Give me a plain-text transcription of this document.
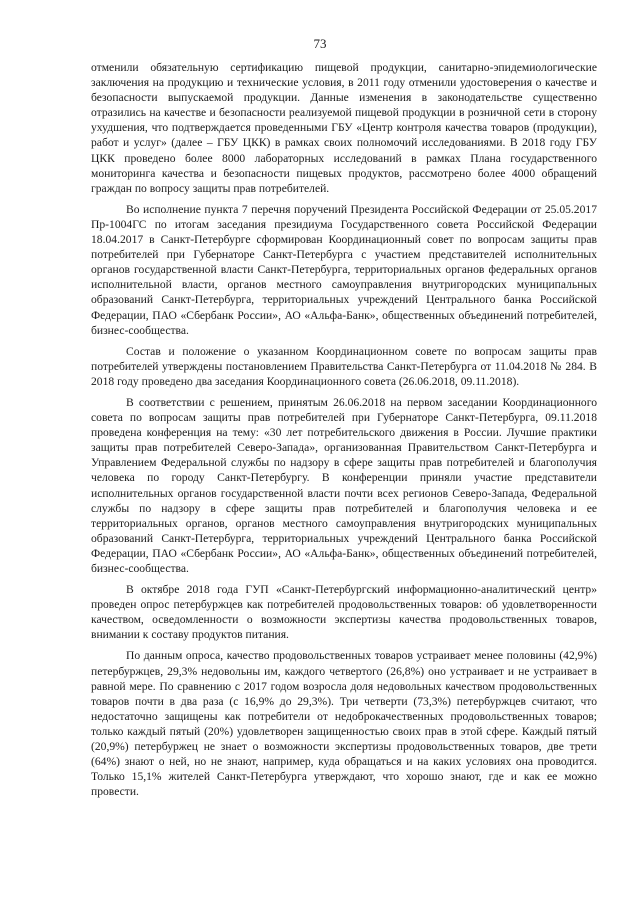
73

отменили обязательную сертификацию пищевой продукции, санитарно-эпидемиологические заключения на продукцию и технические условия, в 2011 году отменили удостоверения о качестве и безопасности выпускаемой продукции. Данные изменения в законодательстве существенно отразились на качестве и безопасности реализуемой пищевой продукции в розничной сети в сторону ухудшения, что подтверждается проведенными ГБУ «Центр контроля качества товаров (продукции), работ и услуг» (далее – ГБУ ЦКК) в рамках своих полномочий исследованиями. В 2018 году ГБУ ЦКК проведено более 8000 лабораторных исследований в рамках Плана государственного мониторинга качества и безопасности пищевых продуктов, рассмотрено более 4000 обращений граждан по вопросу защиты прав потребителей.

Во исполнение пункта 7 перечня поручений Президента Российской Федерации от 25.05.2017 Пр-1004ГС по итогам заседания президиума Государственного совета Российской Федерации 18.04.2017 в Санкт-Петербурге сформирован Координационный совет по вопросам защиты прав потребителей при Губернаторе Санкт-Петербурга с участием представителей исполнительных органов государственной власти Санкт-Петербурга, территориальных органов федеральных органов исполнительной власти, органов местного самоуправления внутригородских муниципальных образований Санкт-Петербурга, территориальных учреждений Центрального банка Российской Федерации, ПАО «Сбербанк России», АО «Альфа-Банк», общественных объединений потребителей, бизнес-сообщества.

Состав и положение о указанном Координационном совете по вопросам защиты прав потребителей утверждены постановлением Правительства Санкт-Петербурга от 11.04.2018 № 284. В 2018 году проведено два заседания Координационного совета (26.06.2018, 09.11.2018).

В соответствии с решением, принятым 26.06.2018 на первом заседании Координационного совета по вопросам защиты прав потребителей при Губернаторе Санкт-Петербурга, 09.11.2018 проведена конференция на тему: «30 лет потребительского движения в России. Лучшие практики защиты прав потребителей Северо-Запада», организованная Правительством Санкт-Петербурга и Управлением Федеральной службы по надзору в сфере защиты прав потребителей и благополучия человека по городу Санкт-Петербургу. В конференции приняли участие представители исполнительных органов государственной власти почти всех регионов Северо-Запада, Федеральной службы по надзору в сфере защиты прав потребителей и благополучия человека и ее территориальных органов, органов местного самоуправления внутригородских муниципальных образований Санкт-Петербурга, территориальных учреждений Центрального банка Российской Федерации, ПАО «Сбербанк России», АО «Альфа-Банк», общественных объединений потребителей, бизнес-сообщества.

В октябре 2018 года ГУП «Санкт-Петербургский информационно-аналитический центр» проведен опрос петербуржцев как потребителей продовольственных товаров: об удовлетворенности качеством, осведомленности о возможности экспертизы качества продовольственных товаров, внимании к составу продуктов питания.

По данным опроса, качество продовольственных товаров устраивает менее половины (42,9%) петербуржцев, 29,3% недовольны им, каждого четвертого (26,8%) оно устраивает и не устраивает в равной мере. По сравнению с 2017 годом возросла доля недовольных качеством продовольственных товаров почти в два раза (с 16,9% до 29,3%). Три четверти (73,3%) петербуржцев считают, что недостаточно защищены как потребители от недоброкачественных продовольственных товаров; только каждый пятый (20%) удовлетворен защищенностью своих прав в этой сфере. Каждый пятый (20,9%) петербуржец не знает о возможности экспертизы продовольственных товаров, две трети (64%) знают о ней, но не знают, например, куда обращаться и на каких условиях она проводится. Только 15,1% жителей Санкт-Петербурга утверждают, что хорошо знают, где и как ее можно провести.
